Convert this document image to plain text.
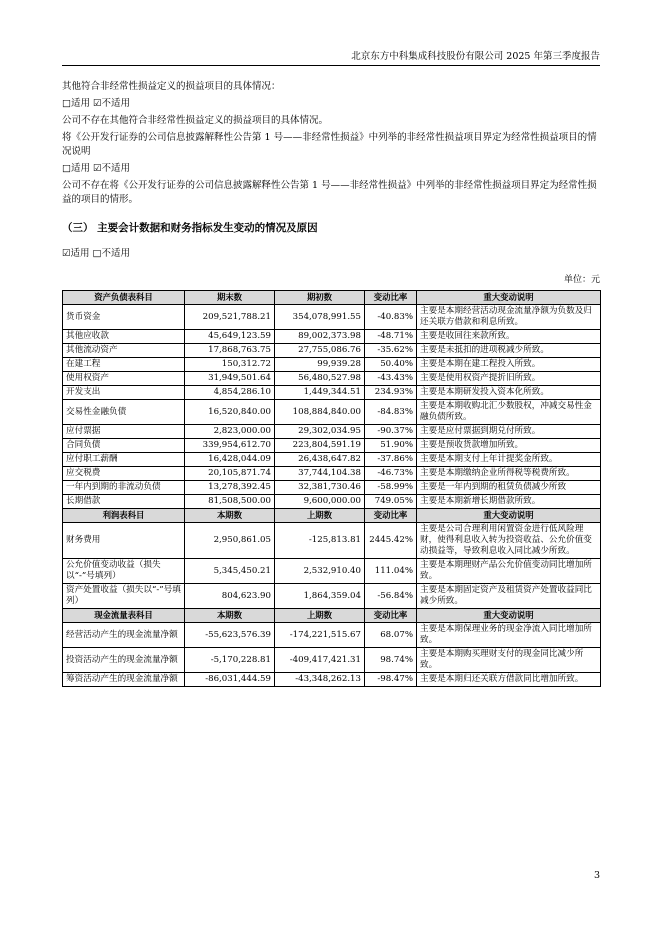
北京东方中科集成科技股份有限公司 2025 年第三季度报告

其他符合非经常性损益定义的损益项目的具体情况：

□适用 ☑不适用

公司不存在其他符合非经常性损益定义的损益项目的具体情况。

将《公开发行证券的公司信息披露解释性公告第 1 号——非经常性损益》中列举的非经常性损益项目界定为经常性损益项目的情况说明

□适用 ☑不适用

公司不存在将《公开发行证券的公司信息披露解释性公告第 1 号——非经常性损益》中列举的非经常性损益项目界定为经常性损益的项目的情形。

（三） 主要会计数据和财务指标发生变动的情况及原因

☑适用 □不适用

单位：元
资产负债表科目	期末数	期初数	变动比率	重大变动说明
货币资金	209,521,788.21	354,078,991.55	-40.83%	主要是本期经营活动现金流量净额为负数及归还关联方借款和利息所致。
其他应收款	45,649,123.59	89,002,373.98	-48.71%	主要是收回往来款所致。
其他流动资产	17,868,763.75	27,755,086.76	-35.62%	主要是未抵扣的进项税减少所致。
在建工程	150,312.72	99,939.28	50.40%	主要是本期在建工程投入所致。
使用权资产	31,949,501.64	56,480,527.98	-43.43%	主要是使用权资产提折旧所致。
开发支出	4,854,286.10	1,449,344.51	234.93%	主要是本期研发投入资本化所致。
交易性金融负债	16,520,840.00	108,884,840.00	-84.83%	主要是本期收购北汇少数股权，冲减交易性金融负债所致。
应付票据	2,823,000.00	29,302,034.95	-90.37%	主要是应付票据到期兑付所致。
合同负债	339,954,612.70	223,804,591.19	51.90%	主要是预收货款增加所致。
应付职工薪酬	16,428,044.09	26,438,647.82	-37.86%	主要是本期支付上年计提奖金所致。
应交税费	20,105,871.74	37,744,104.38	-46.73%	主要是本期缴纳企业所得税等税费所致。
一年内到期的非流动负债	13,278,392.45	32,381,730.46	-58.99%	主要是一年内到期的租赁负债减少所致
长期借款	81,508,500.00	9,600,000.00	749.05%	主要是本期新增长期借款所致。
利润表科目	本期数	上期数	变动比率	重大变动说明
财务费用	2,950,861.05	-125,813.81	2445.42%	主要是公司合理利用闲置资金进行低风险理财，使得利息收入转为投资收益、公允价值变动损益等，导致利息收入同比减少所致。
公允价值变动收益（损失以“-”号填列）	5,345,450.21	2,532,910.40	111.04%	主要是本期理财产品公允价值变动同比增加所致。
资产处置收益（损失以“-”号填列）	804,623.90	1,864,359.04	-56.84%	主要是本期固定资产及租赁资产处置收益同比减少所致。
现金流量表科目	本期数	上期数	变动比率	重大变动说明
经营活动产生的现金流量净额	-55,623,576.39	-174,221,515.67	68.07%	主要是本期保理业务的现金净流入同比增加所致。
投资活动产生的现金流量净额	-5,170,228.81	-409,417,421.31	98.74%	主要是本期购买理财支付的现金同比减少所致。
筹资活动产生的现金流量净额	-86,031,444.59	-43,348,262.13	-98.47%	主要是本期归还关联方借款同比增加所致。
3
